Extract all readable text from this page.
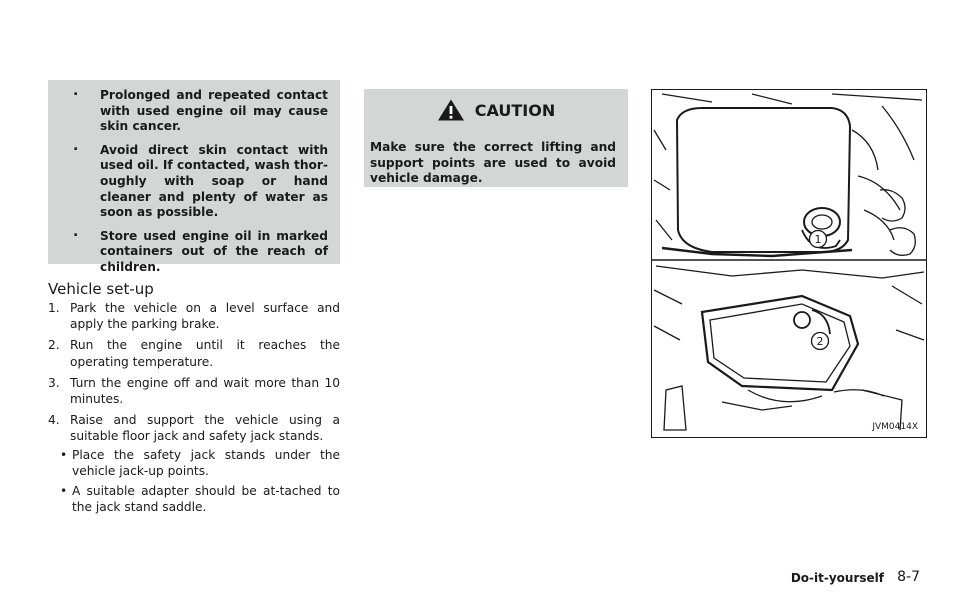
. Prolonged and repeated contact with used engine oil may cause skin cancer.
. Avoid direct skin contact with used oil. If contacted, wash thor-oughly with soap or hand cleaner and plenty of water as soon as possible.
. Store used engine oil in marked containers out of the reach of children.
Vehicle set-up
1. Park the vehicle on a level surface and apply the parking brake.
2. Run the engine until it reaches the operating temperature.
3. Turn the engine off and wait more than 10 minutes.
4. Raise and support the vehicle using a suitable floor jack and safety jack stands.
• Place the safety jack stands under the vehicle jack-up points.
• A suitable adapter should be at-tached to the jack stand saddle.
CAUTION
Make sure the correct lifting and support points are used to avoid vehicle damage.
1
2
JVM0414X
Do-it-yourself 8-7
